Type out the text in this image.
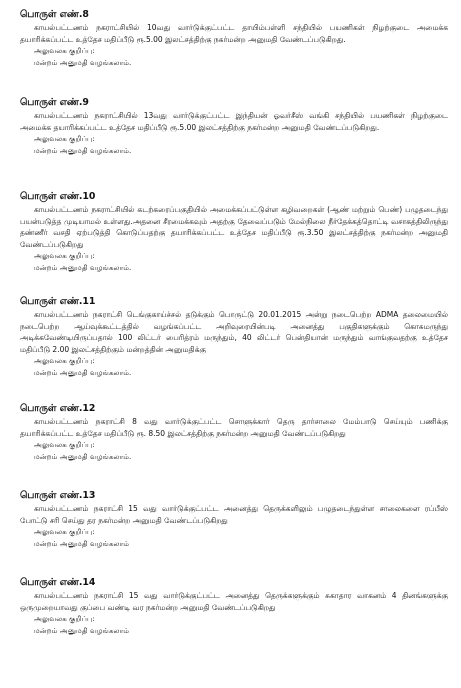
பொருள் எண்.8
காயல்பட்டணம் நகராட்சியில் 10வது வார்டுக்குட்பட்ட தாயிம்பள்ளி சந்தியில் பயணிகள் நிழற்குடை அமைக்க தயாரிக்கப்பட்ட உத்தேச மதிப்பீடு ரூ.5.00 இலட்சத்திற்கு நகர்மன்ற அனுமதி வேண்டப்படுகிறது.
அலுவலக குறிப்பு:
மன்றம் அனுமதி வழங்கலாம்.
பொருள் எண்.9
காயல்பட்டணம் நகராட்சியில் 13வது வார்டுக்குட்பட்ட இந்தியன் ஓவர்சீஸ் வங்கி சந்தியில் பயணிகள் நிழற்குடை அமைக்க தயாரிக்கப்பட்ட உத்தேச மதிப்பீடு ரூ.5.00 இலட்சத்திற்கு நகர்மன்ற அனுமதி வேண்டப்படுகிறது.
அலுவலக குறிப்பு:
மன்றம் அனுமதி வழங்கலாம்.
பொருள் எண்.10
காயல்பட்டணம் நகராட்சியில் கடற்கரைப்பகுதியில் அமைக்கப்பட்டுள்ள கழிவறைகள் (ஆண் மற்றும் பெண்) பழுதடைந்து பயன்படுத்த முடியாமல் உள்ளது.அதனை சீரமைக்கவும் அதற்கு தேவைப்படும் மேல்நிலை நீர்தேக்கத்தொட்டி வசாகத்திலிருந்து தண்ணீர் வசதி ஏற்படுத்தி கொடுப்பதற்கு தயாரிக்கப்பட்ட உத்தேச மதிப்பீடு ரூ.3.50 இலட்சத்திற்கு நகர்மன்ற அனுமதி வேண்டப்படுகிறது
அலுவலக குறிப்பு:
மன்றம் அனுமதி வழங்கலாம்.
பொருள் எண்.11
காயல்பட்டணம் நகராட்சி டெங்குகாய்ச்சல் தடுக்கும் பொருட்டு 20.01.2015 அன்று நடைபெற்ற ADMA தலைமையில் நடைபெற்ற ஆய்வுக்கூட்டத்தில் வழங்கப்பட்ட அறிவுரையின்படி அனைத்து பகுதிகளுக்கும் கொசுமருந்து அடிக்கவேண்டியிருப்பதால் 100 லிட்டர் பைரித்ரம் மருந்தும், 40 லிட்டர் பென்தியான் மருந்தும் வாங்குவதற்கு உத்தேச மதிப்பீடு 2.00 இலட்சத்திற்கும் மன்றத்தின் அனுமதிக்கு
அலுவலக குறிப்பு:
மன்றம் அனுமதி வழங்கலாம்.
பொருள் எண்.12
காயல்பட்டணம் நகராட்சி 8 வது வார்டுக்குட்பட்ட சொளுக்கார் தெரு தார்சாலை மேம்பாடு செய்யும் பணிக்கு தயாரிக்கப்பட்ட உத்தேச மதிப்பீடு ரூ. 8.50 இலட்சத்திற்கு நகர்மன்ற அனுமதி வேண்டப்படுகிறது
அலுவலக குறிப்பு:
மன்றம் அனுமதி வழங்கலாம்.
பொருள் எண்.13
காயல்பட்டணம் நகராட்சி 15 வது வார்டுக்குட்பட்ட அனைத்து தெருக்களிலும் பழுதடைந்துள்ள சாலைகளை ரப்பீஸ் போட்டு சரி செய்து தர நகர்மன்ற அனுமதி வேண்டப்படுகிறது
அலுவலக குறிப்பு:
மன்றம் அனுமதி வழங்கலாம்
பொருள் எண்.14
காயல்பட்டணம் நகராட்சி 15 வது வார்டுக்குட்பட்ட அனைத்து தெருக்களுக்கும் சுகாதார வாகனம் 4 தினங்களுக்கு ஒருமுறையாவது குப்பை வண்டி வர நகர்மன்ற அனுமதி வேண்டப்படுகிறது
அலுவலக குறிப்பு:
மன்றம் அனுமதி வழங்கலாம்
